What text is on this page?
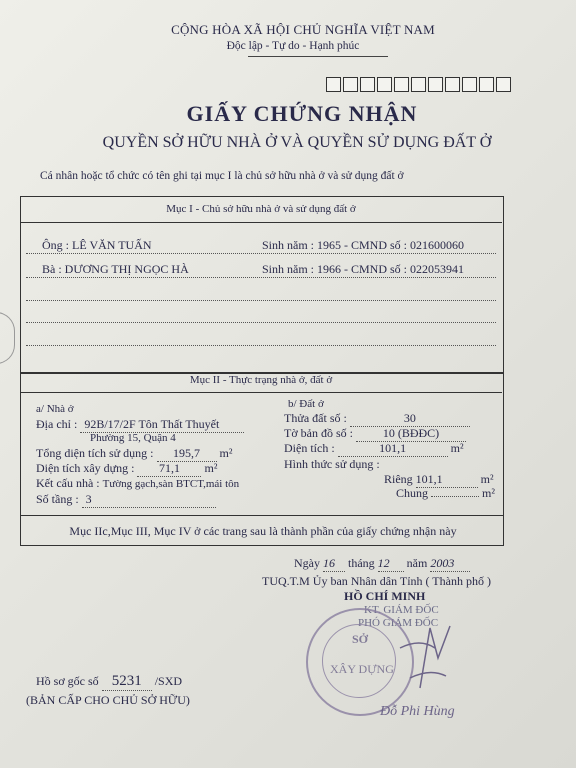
CỘNG HÒA XÃ HỘI CHỦ NGHĨA VIỆT NAM
Độc lập - Tự do - Hạnh phúc
GIẤY CHỨNG NHẬN
QUYỀN SỞ HỮU NHÀ Ở VÀ QUYỀN SỬ DỤNG ĐẤT Ở
Cá nhân hoặc tổ chức có tên ghi tại mục I là chủ sở hữu nhà ở và sử dụng đất ở
Mục I - Chủ sở hữu nhà ở và sử dụng đất ở
Ông : LÊ VĂN TUẤN	Sinh năm : 1965 - CMND số : 021600060
Bà : DƯƠNG THỊ NGỌC HÀ	Sinh năm : 1966 - CMND số : 022053941
Mục II - Thực trạng nhà ở, đất ở
a/ Nhà ở
Địa chỉ : 92B/17/2F Tôn Thất Thuyết
Phường 15, Quận 4
Tổng diện tích sử dụng : 195,7 m²
Diện tích xây dựng : 71,1 m²
Kết cấu nhà : Tường gạch,sàn BTCT,mái tôn
Số tầng : 3
b/ Đất ở
Thửa đất số :	30
Tờ bản đồ số : 10 (BĐĐC)
Diện tích :	101,1	m²
Hình thức sử dụng :
Riêng 101,1	m²
Chung	m²
Mục IIc,Mục III, Mục IV ở các trang sau là thành phần của giấy chứng nhận này
Ngày 16 tháng 12 năm 2003
TUQ.T.M Ủy ban Nhân dân Tỉnh ( Thành phố )
HỒ CHÍ MINH
KT. GIÁM ĐỐC
PHÓ GIÁM ĐỐC
SỞ
XÂY DỰNG
Đỗ Phi Hùng
Hồ sơ gốc số 5231 /SXD
(BẢN CẤP CHO CHỦ SỞ HỮU)
